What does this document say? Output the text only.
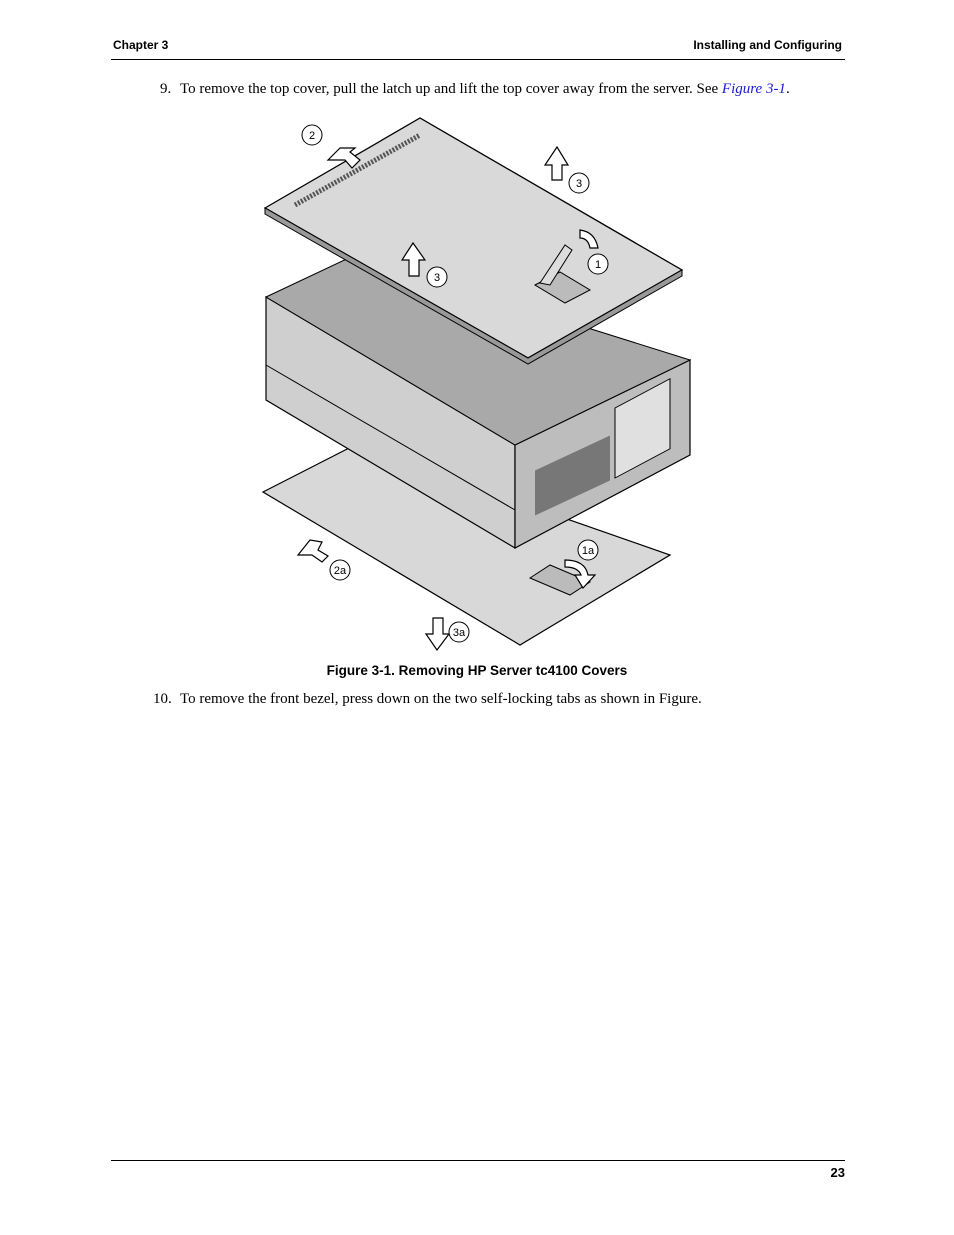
Chapter 3	Installing and Configuring
9. To remove the top cover, pull the latch up and lift the top cover away from the server. See Figure 3-1.
2
3
3
1
1a
2a
3a
Figure 3-1. Removing HP Server tc4100 Covers
10. To remove the front bezel, press down on the two self-locking tabs as shown in Figure.
23
